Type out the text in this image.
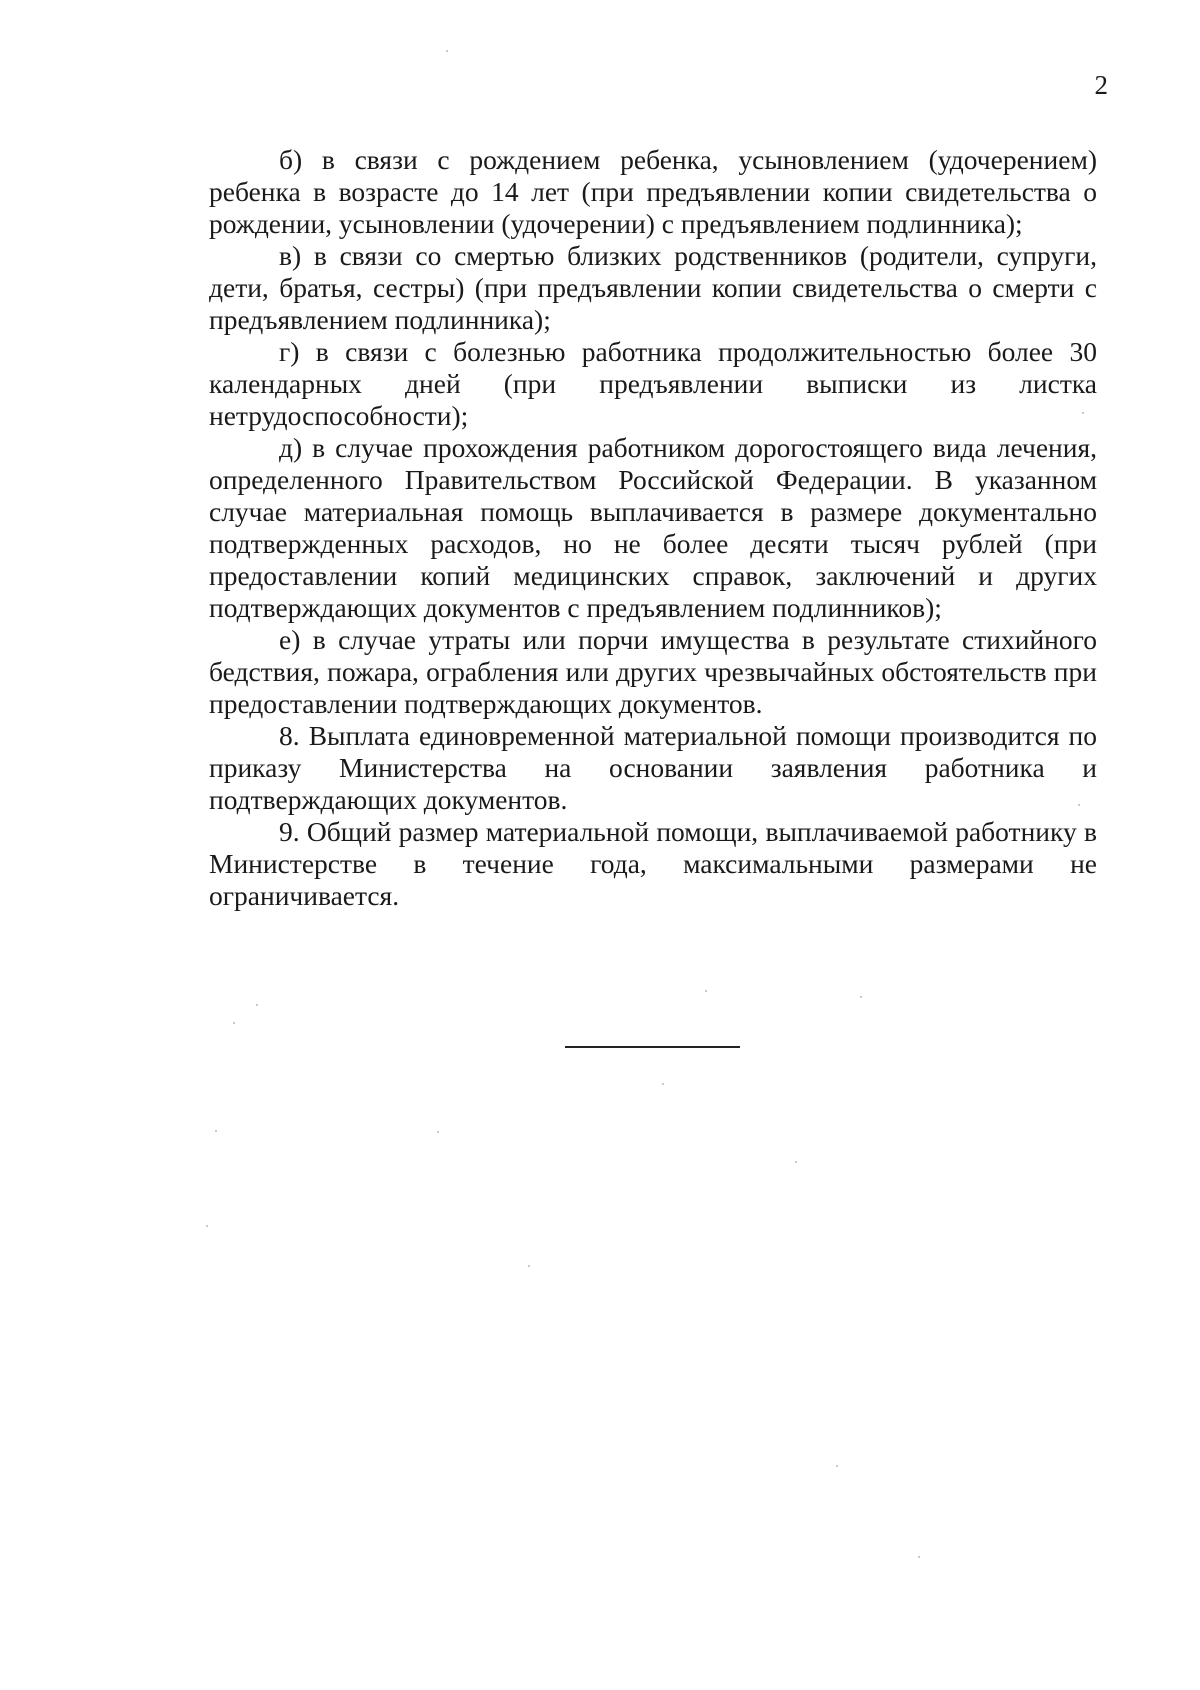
2

б) в связи с рождением ребенка, усыновлением (удочерением) ребенка в возрасте до 14 лет (при предъявлении копии свидетельства о рождении, усыновлении (удочерении) с предъявлением подлинника);

в) в связи со смертью близких родственников (родители, супруги, дети, братья, сестры) (при предъявлении копии свидетельства о смерти с предъявлением подлинника);

г) в связи с болезнью работника продолжительностью более 30 календарных дней (при предъявлении выписки из листка нетрудоспособности);

д) в случае прохождения работником дорогостоящего вида лечения, определенного Правительством Российской Федерации. В указанном случае материальная помощь выплачивается в размере документально подтвержденных расходов, но не более десяти тысяч рублей (при предоставлении копий медицинских справок, заключений и других подтверждающих документов с предъявлением подлинников);

е) в случае утраты или порчи имущества в результате стихийного бедствия, пожара, ограбления или других чрезвычайных обстоятельств при предоставлении подтверждающих документов.

8. Выплата единовременной материальной помощи производится по приказу Министерства на основании заявления работника и подтверждающих документов.

9. Общий размер материальной помощи, выплачиваемой работнику в Министерстве в течение года, максимальными размерами не ограничивается.
